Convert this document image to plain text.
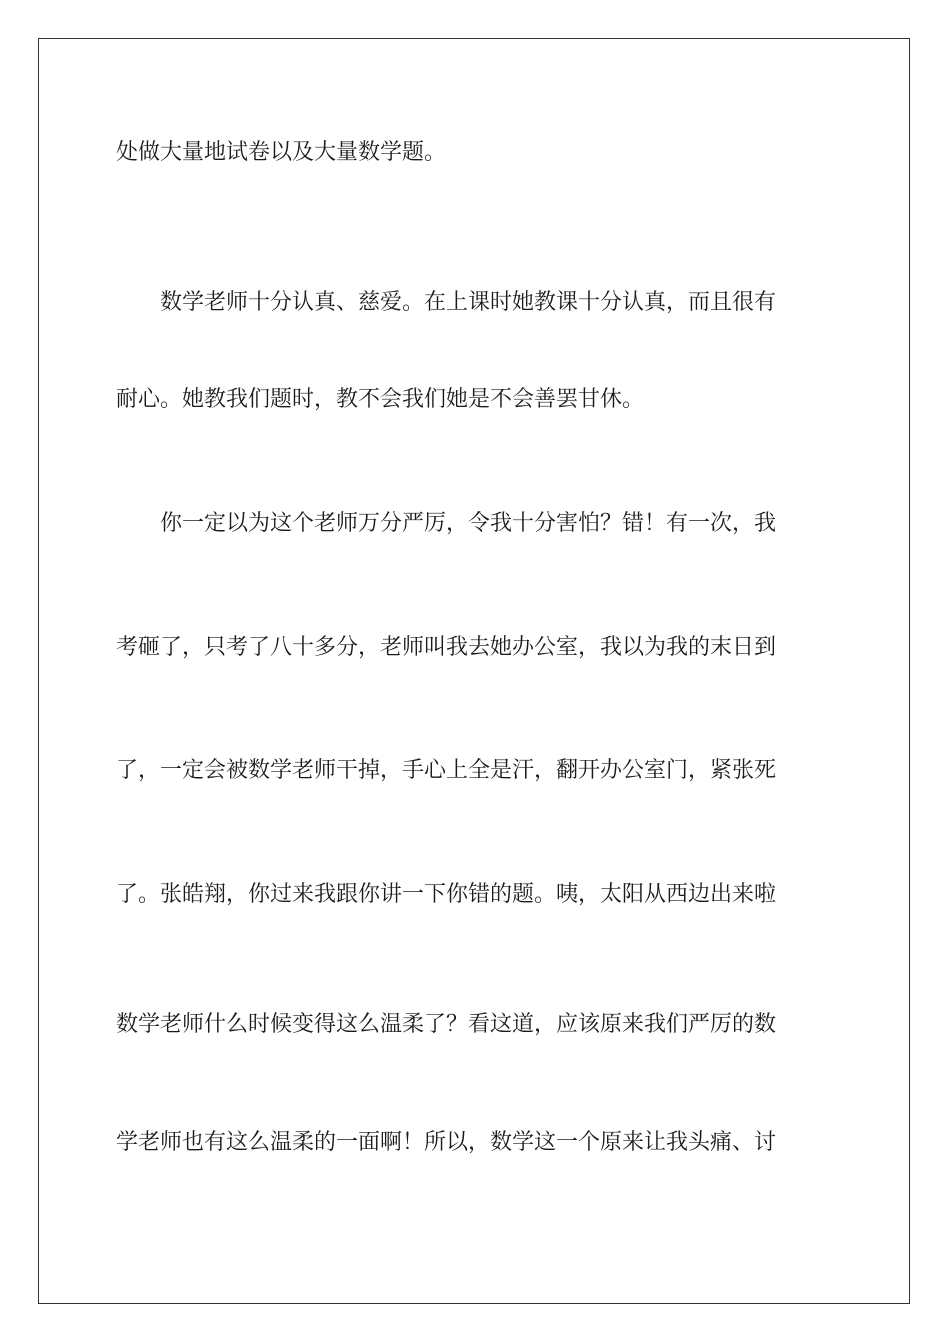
处做大量地试卷以及大量数学题。

数学老师十分认真、慈爱。在上课时她教课十分认真，而且很有

耐心。她教我们题时，教不会我们她是不会善罢甘休。

你一定以为这个老师万分严厉，令我十分害怕？错！有一次，我

考砸了，只考了八十多分，老师叫我去她办公室，我以为我的末日到

了，一定会被数学老师干掉，手心上全是汗，翻开办公室门，紧张死

了。张皓翔，你过来我跟你讲一下你错的题。咦，太阳从西边出来啦

数学老师什么时候变得这么温柔了？看这道，应该原来我们严厉的数

学老师也有这么温柔的一面啊！所以，数学这一个原来让我头痛、讨
